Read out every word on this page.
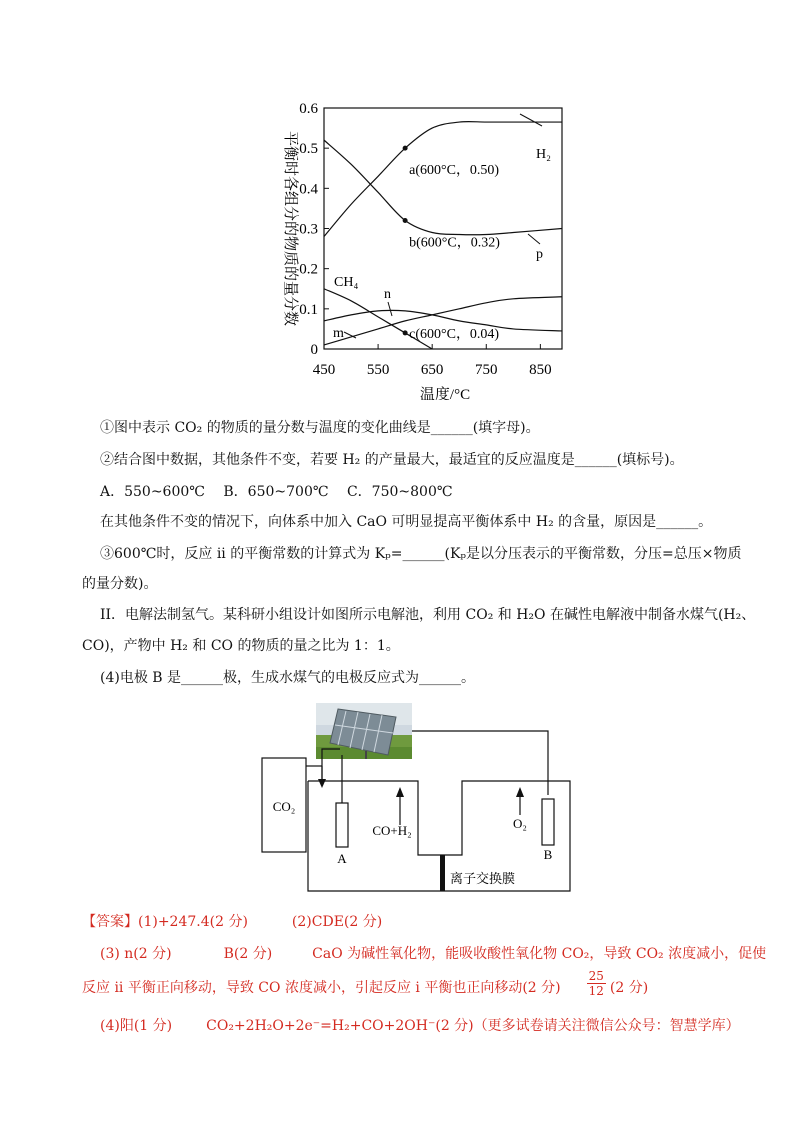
0
0.1
0.2
0.3
0.4
0.5
0.6
450 550 650 750 850
温度/°C
平衡时各组分的物质的量分数	H₂
p
CH₄
n
m
a(600°C，0.50)
b(600°C，0.32)
c(600°C，0.04)
①图中表示 CO₂ 的物质的量分数与温度的变化曲线是______(填字母)。
②结合图中数据，其他条件不变，若要 H₂ 的产量最大，最适宜的反应温度是______(填标号)。
A．550~600℃　 B．650~700℃　 C．750~800℃
在其他条件不变的情况下，向体系中加入 CaO 可明显提高平衡体系中 H₂ 的含量，原因是______。
③600℃时，反应 ii 的平衡常数的计算式为 Kₚ=______(Kₚ是以分压表示的平衡常数，分压=总压×物质
的量分数)。
II．电解法制氢气。某科研小组设计如图所示电解池，利用 CO₂ 和 H₂O 在碱性电解液中制备水煤气(H₂、
CO)，产物中 H₂ 和 CO 的物质的量之比为 1：1。
(4)电极 B 是______极，生成水煤气的电极反应式为______。
CO₂
离子交换膜
A	B
CO+H₂	O₂
【答案】(1)+247.4(2 分)	(2)CDE(2 分)
(3) n(2 分)	B(2 分)	CaO 为碱性氧化物，能吸收酸性氧化物 CO₂，导致 CO₂ 浓度减小，促使
反应 ii 平衡正向移动，导致 CO 浓度减小，引起反应 i 平衡也正向移动(2 分) $\frac{25}{12} (2$ 分)
(4)阳(1 分) CO₂+2H₂O+2e⁻=H₂+CO+2OH⁻(2 分)（更多试卷请关注微信公众号：智慧学库）
